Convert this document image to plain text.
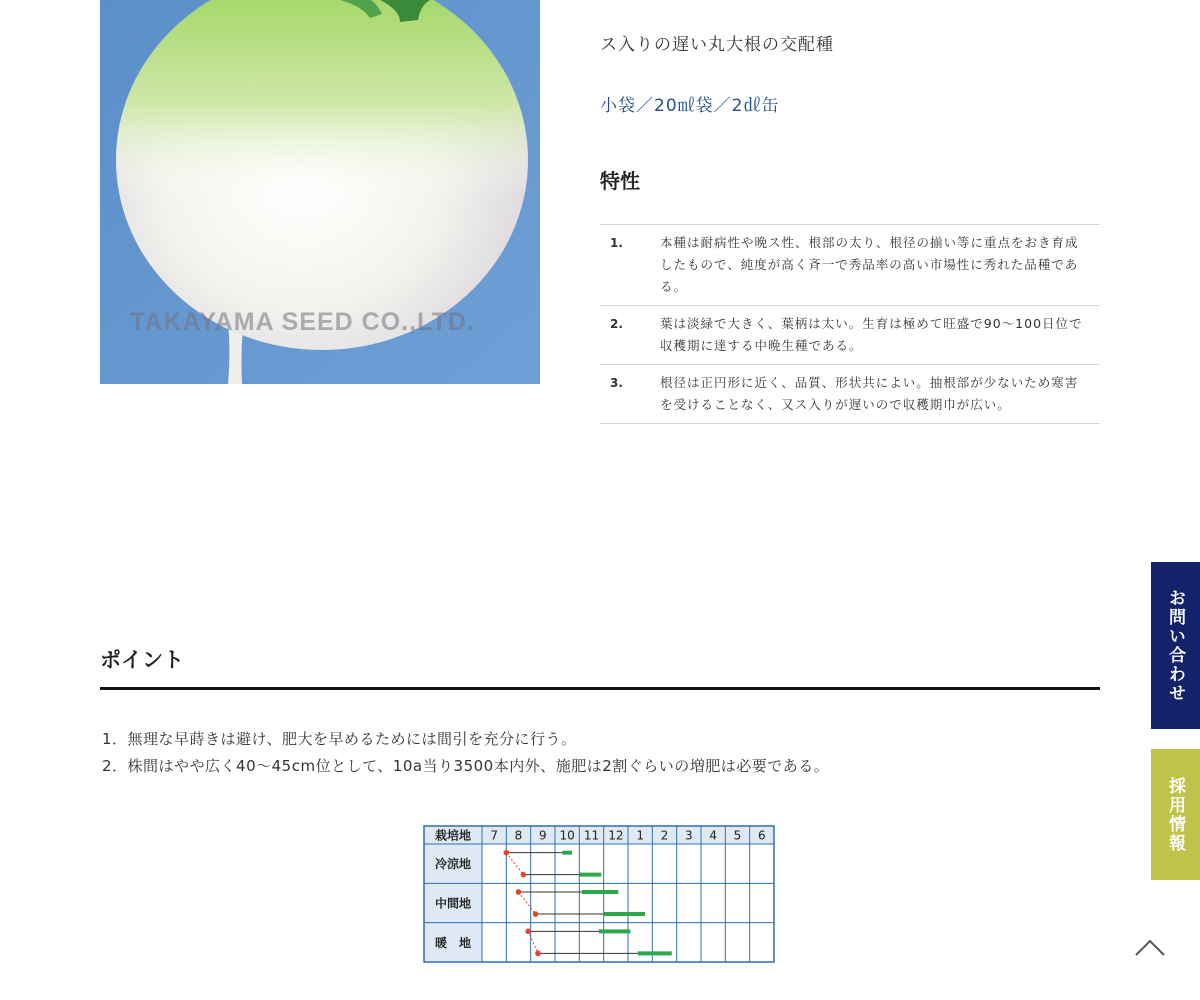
TAKAYAMA SEED CO.,LTD.
ス入りの遅い丸大根の交配種
小袋／20㎖袋／2㎗缶
特性
1.	本種は耐病性や晩ス性、根部の太り、根径の揃い等に重点をおき育成したもので、純度が高く斉一で秀品率の高い市場性に秀れた品種である。
2.	葉は淡緑で大きく、葉柄は太い。生育は極めて旺盛で90〜100日位で収穫期に達する中晩生種である。
3.	根径は正円形に近く、品質、形状共によい。抽根部が少ないため寒害を受けることなく、又ス入りが遅いので収穫期巾が広い。
ポイント
1．無理な早蒔きは避け、肥大を早めるためには間引を充分に行う。
2．株間はやや広く40〜45cm位として、10a当り3500本内外、施肥は2割ぐらいの増肥は必要である。
栽培地 7 8 9 10 11 12 1 2 3 4 5 6
冷涼地
中間地
暖　地
お問い合わせ
採用情報
